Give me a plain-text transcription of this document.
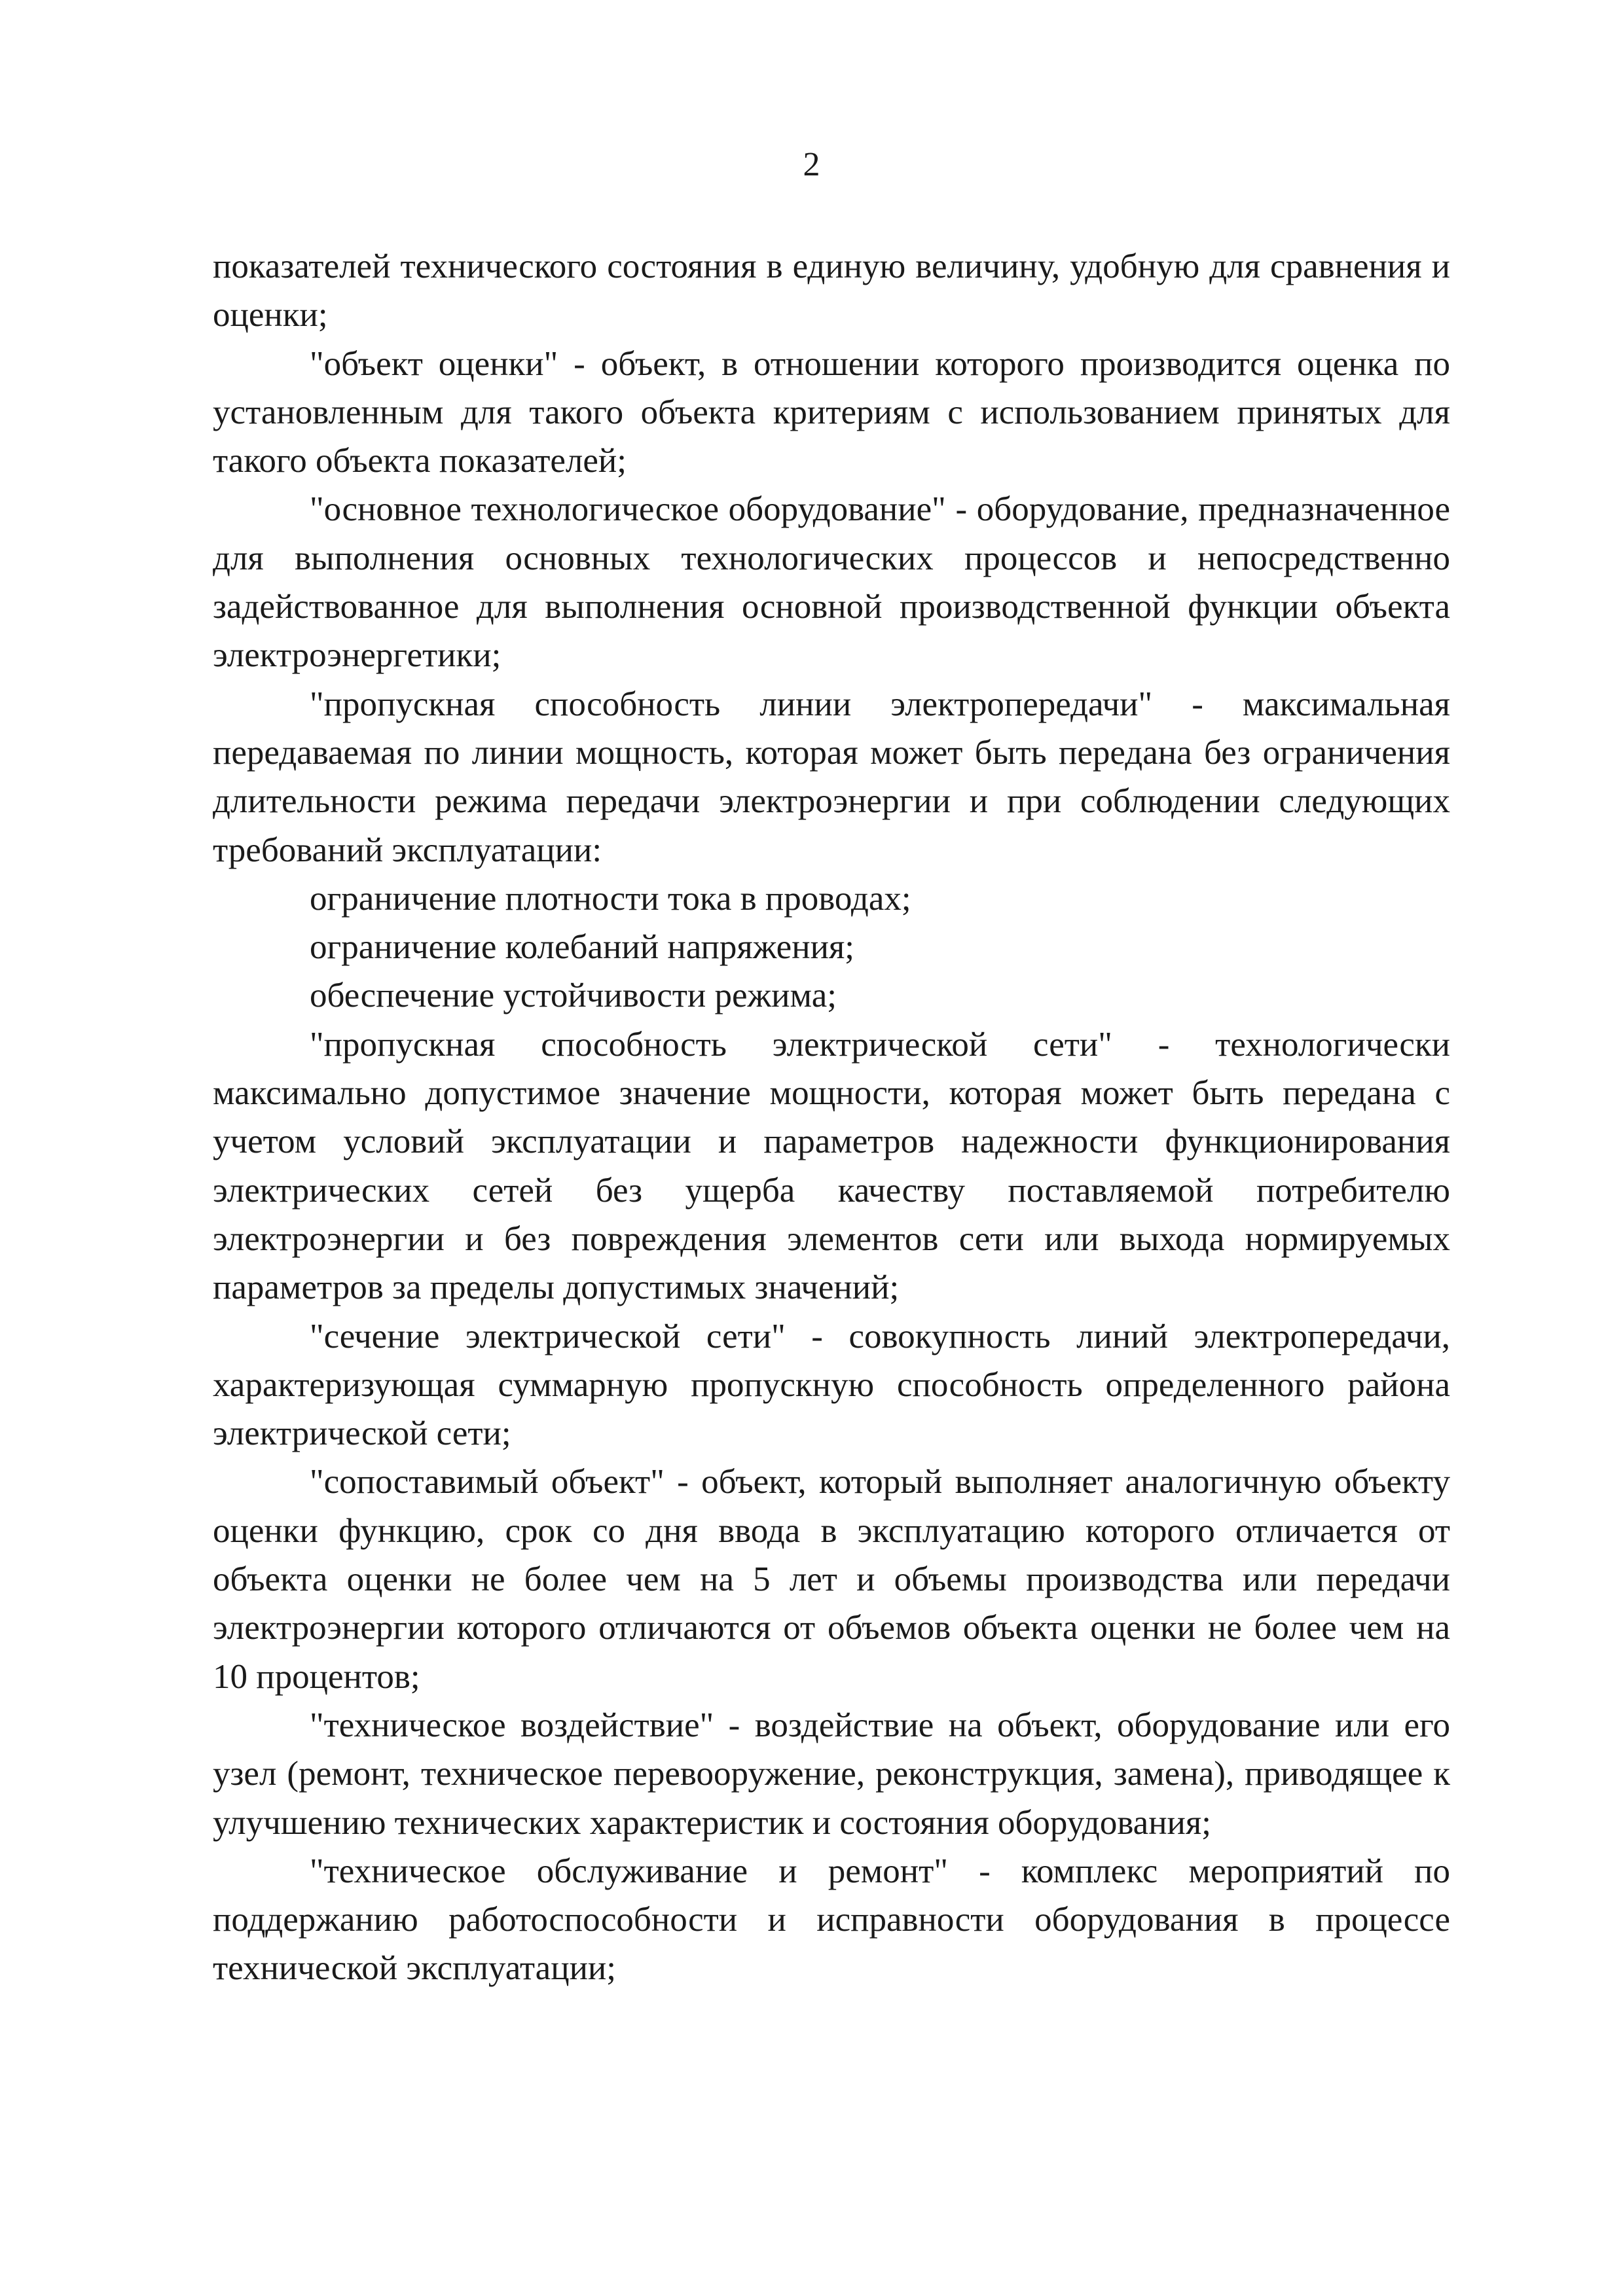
2

показателей технического состояния в единую величину, удобную для сравнения и оценки;

"объект оценки" - объект, в отношении которого производится оценка по установленным для такого объекта критериям с использованием принятых для такого объекта показателей;

"основное технологическое оборудование" - оборудование, предназначенное для выполнения основных технологических процессов и непосредственно задействованное для выполнения основной производственной функции объекта электроэнергетики;

"пропускная способность линии электропередачи" - максимальная передаваемая по линии мощность, которая может быть передана без ограничения длительности режима передачи электроэнергии и при соблюдении следующих требований эксплуатации:

ограничение плотности тока в проводах;

ограничение колебаний напряжения;

обеспечение устойчивости режима;

"пропускная способность электрической сети" - технологически максимально допустимое значение мощности, которая может быть передана с учетом условий эксплуатации и параметров надежности функционирования электрических сетей без ущерба качеству поставляемой потребителю электроэнергии и без повреждения элементов сети или выхода нормируемых параметров за пределы допустимых значений;

"сечение электрической сети" - совокупность линий электропередачи, характеризующая суммарную пропускную способность определенного района электрической сети;

"сопоставимый объект" - объект, который выполняет аналогичную объекту оценки функцию, срок со дня ввода в эксплуатацию которого отличается от объекта оценки не более чем на 5 лет и объемы производства или передачи электроэнергии которого отличаются от объемов объекта оценки не более чем на 10 процентов;

"техническое воздействие" - воздействие на объект, оборудование или его узел (ремонт, техническое перевооружение, реконструкция, замена), приводящее к улучшению технических характеристик и состояния оборудования;

"техническое обслуживание и ремонт" - комплекс мероприятий по поддержанию работоспособности и исправности оборудования в процессе технической эксплуатации;
